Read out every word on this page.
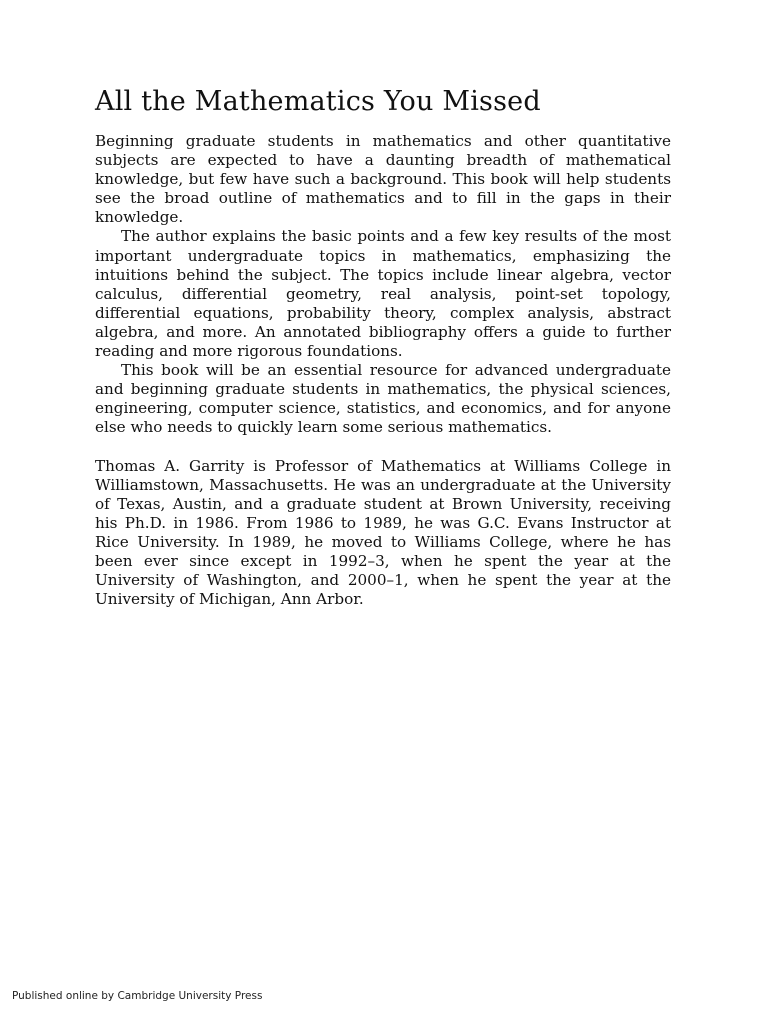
All the Mathematics You Missed

Beginning graduate students in mathematics and other quantitative subjects are expected to have a daunting breadth of mathematical knowledge, but few have such a background. This book will help students see the broad outline of mathematics and to fill in the gaps in their knowledge.

The author explains the basic points and a few key results of the most important undergraduate topics in mathematics, emphasizing the intuitions behind the subject. The topics include linear algebra, vector calculus, differential geometry, real analysis, point-set topology, differential equations, probability theory, complex analysis, abstract algebra, and more. An annotated bibliography offers a guide to further reading and more rigorous foundations.

This book will be an essential resource for advanced undergraduate and beginning graduate students in mathematics, the physical sciences, engineering, computer science, statistics, and economics, and for anyone else who needs to quickly learn some serious mathematics.

Thomas A. Garrity is Professor of Mathematics at Williams College in Williamstown, Massachusetts. He was an undergraduate at the University of Texas, Austin, and a graduate student at Brown University, receiving his Ph.D. in 1986. From 1986 to 1989, he was G.C. Evans Instructor at Rice University. In 1989, he moved to Williams College, where he has been ever since except in 1992–3, when he spent the year at the University of Washington, and 2000–1, when he spent the year at the University of Michigan, Ann Arbor.

Published online by Cambridge University Press
